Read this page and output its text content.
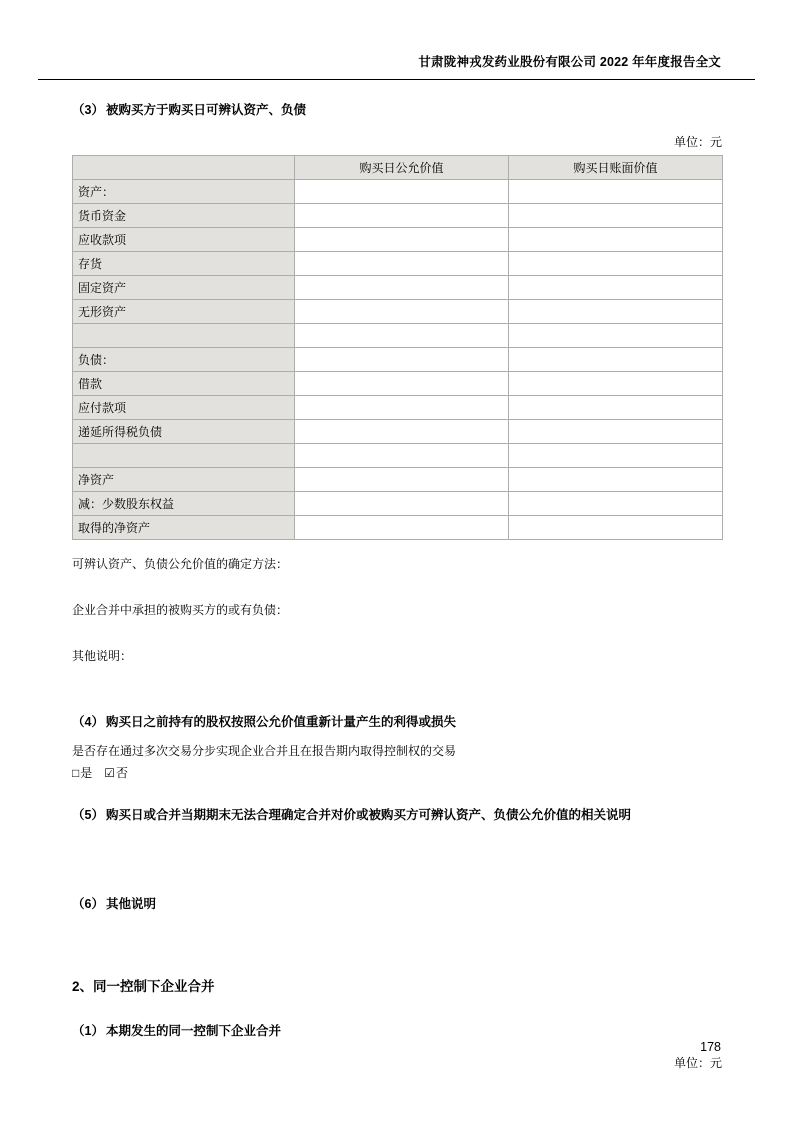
甘肃陇神戎发药业股份有限公司 2022 年年度报告全文
（3） 被购买方于购买日可辨认资产、负债
单位：元
	购买日公允价值	购买日账面价值
资产：		
货币资金		
应收款项		
存货		
固定资产		
无形资产		

负债：		
借款		
应付款项		
递延所得税负债		

净资产		
减：少数股东权益		
取得的净资产		

可辨认资产、负债公允价值的确定方法：

企业合并中承担的被购买方的或有负债：

其他说明：

（4） 购买日之前持有的股权按照公允价值重新计量产生的利得或损失

是否存在通过多次交易分步实现企业合并且在报告期内取得控制权的交易

□是 ☑否

（5） 购买日或合并当期期末无法合理确定合并对价或被购买方可辨认资产、负债公允价值的相关说明
（6） 其他说明
2、同一控制下企业合并
（1） 本期发生的同一控制下企业合并
单位：元
178
